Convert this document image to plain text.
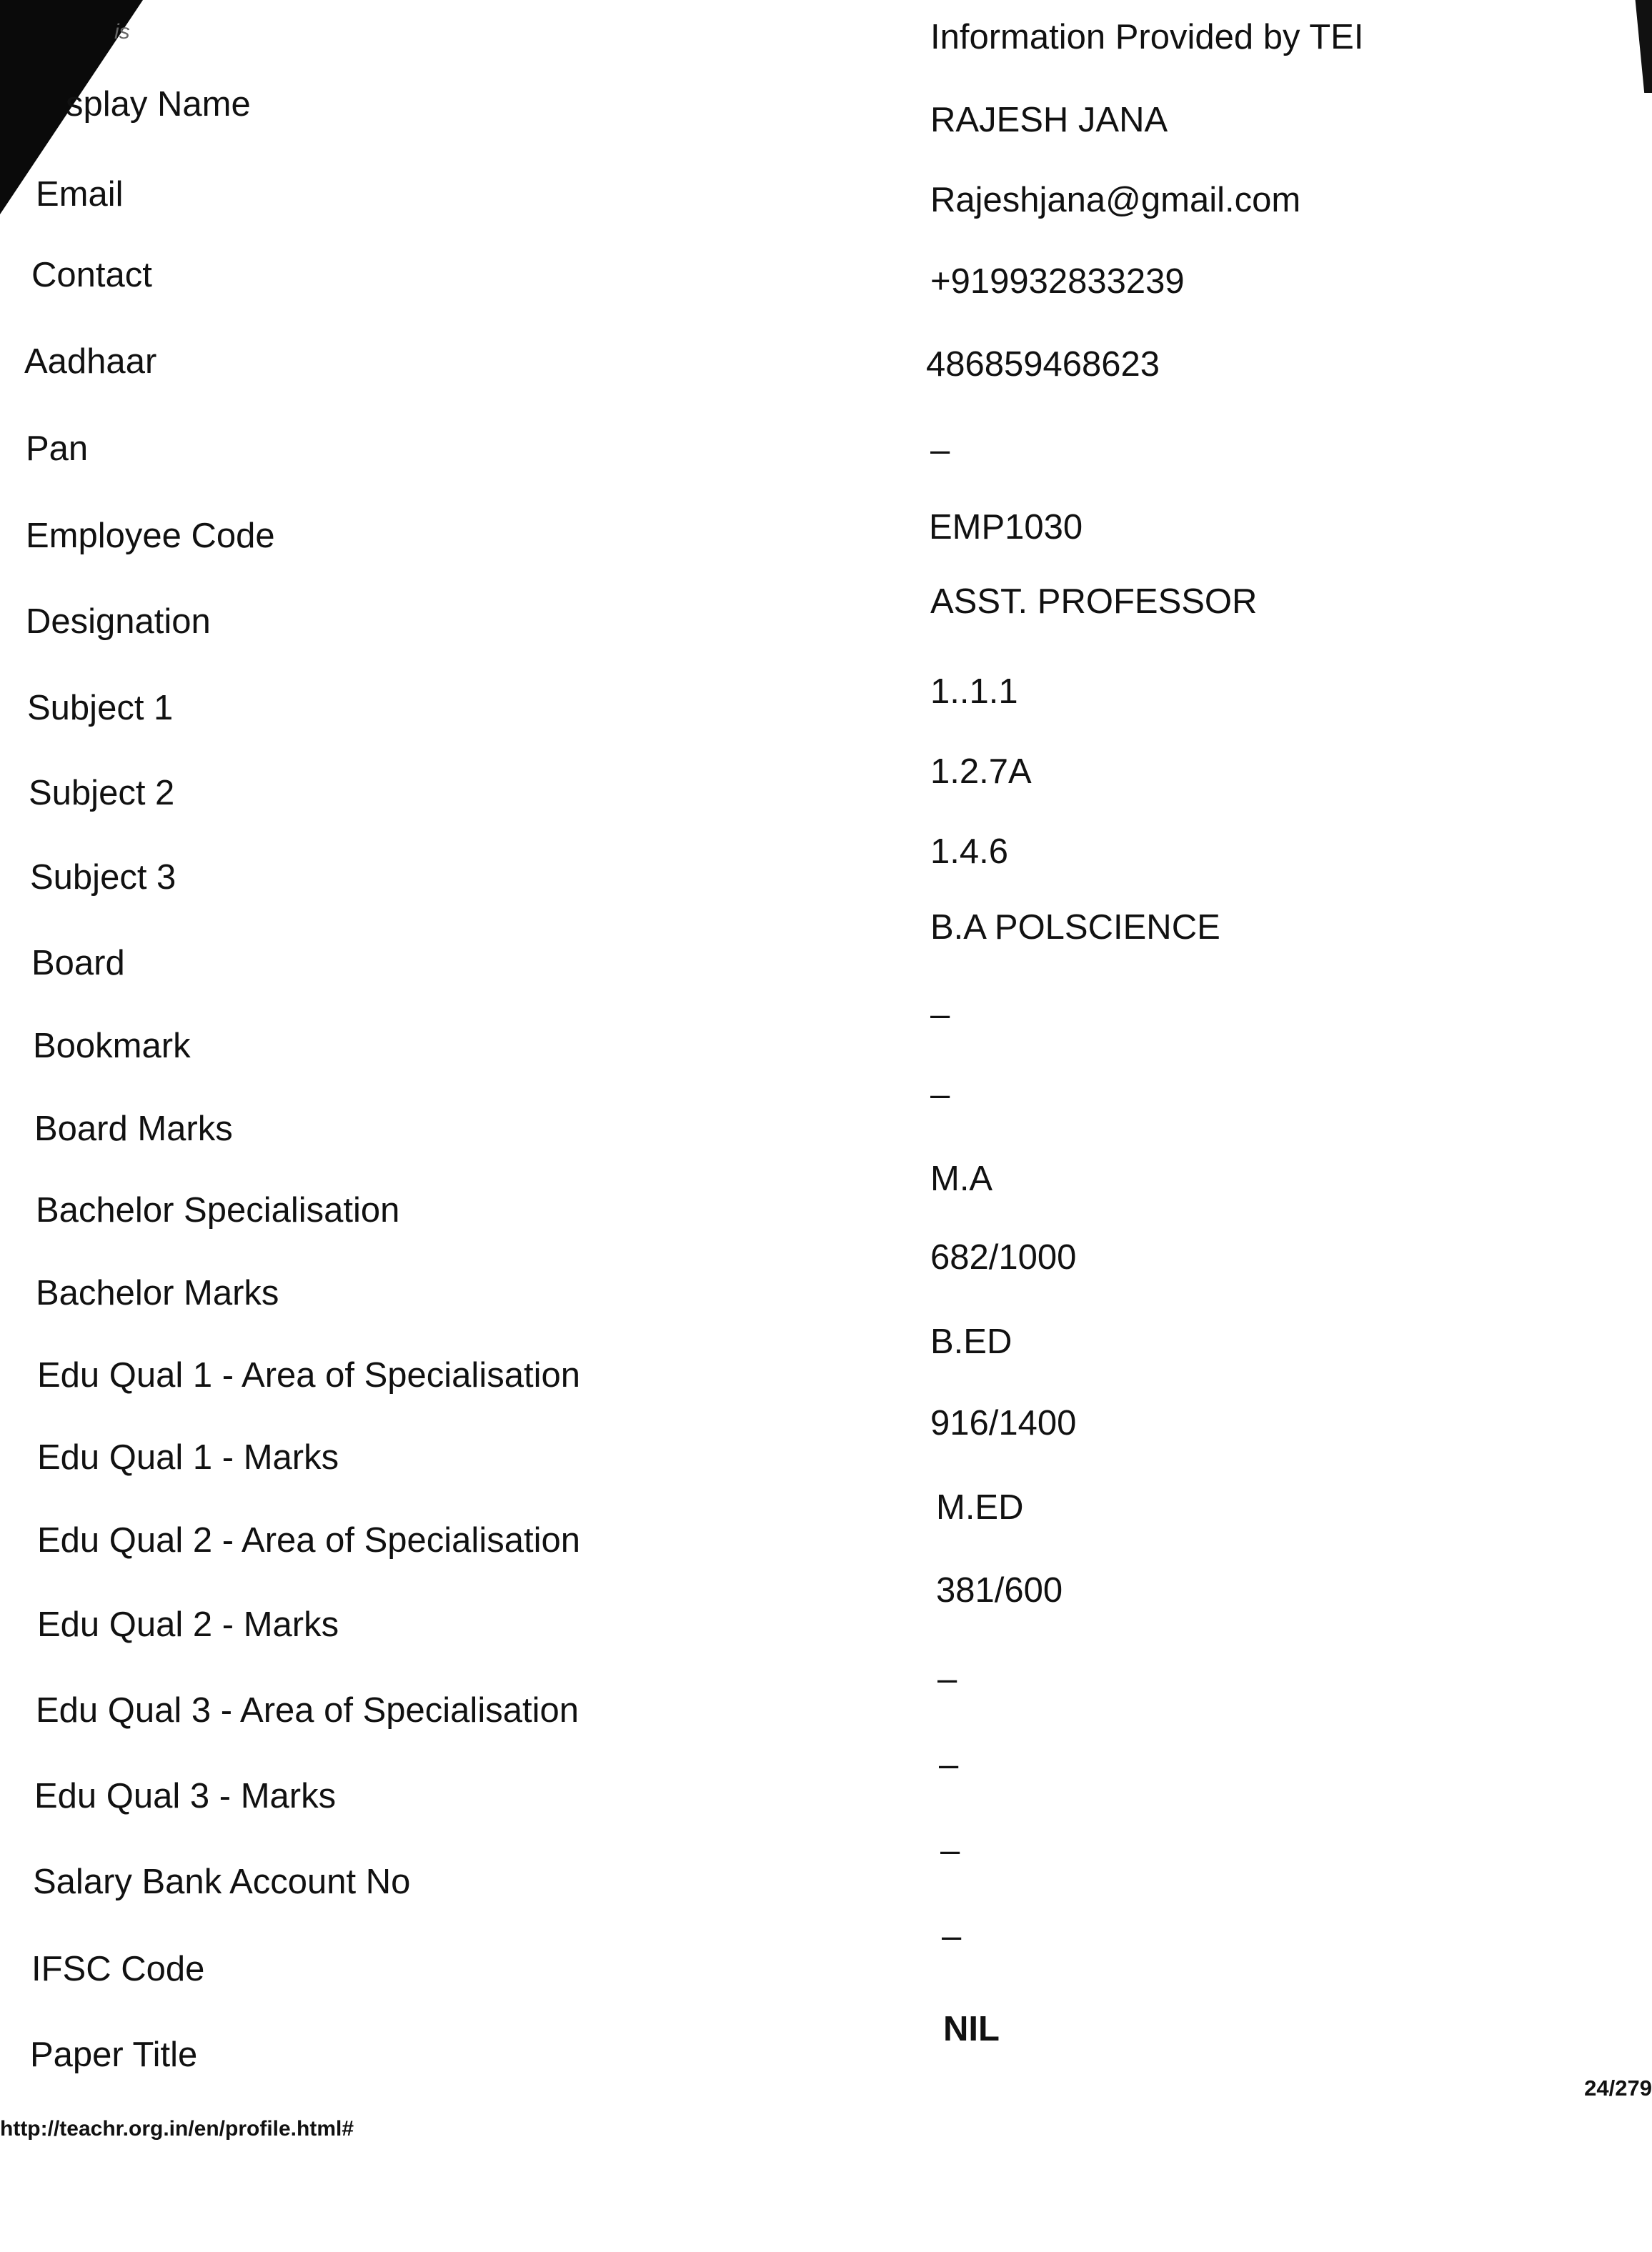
is	Information Provided by TEI
splay Name
Email
Contact
Aadhaar
Pan
Employee Code
Designation
Subject 1
Subject 2
Subject 3
Board
Bookmark
Board Marks
Bachelor Specialisation
Bachelor Marks
Edu Qual 1 - Area of Specialisation
Edu Qual 1 - Marks
Edu Qual 2 - Area of Specialisation
Edu Qual 2 - Marks
Edu Qual 3 - Area of Specialisation
Edu Qual 3 - Marks
Salary Bank Account No
IFSC Code
Paper Title
RAJESH JANA
Rajeshjana@gmail.com
+919932833239
486859468623
–
EMP1030
ASST. PROFESSOR
1..1.1
1.2.7A
1.4.6
B.A POLSCIENCE
–
–
M.A
682/1000
B.ED
916/1400
M.ED
381/600
–
–
–
–
NIL
http://teachr.org.in/en/profile.html#
24/279
